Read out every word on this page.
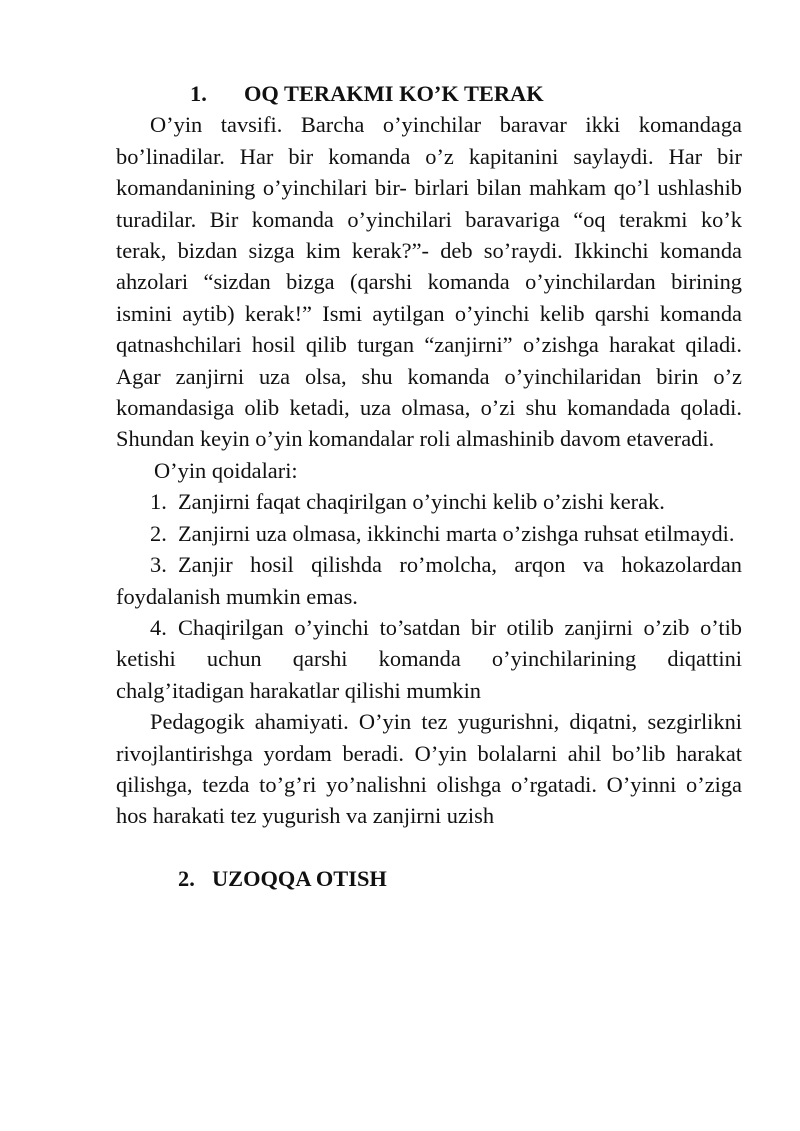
1. OQ TERAKMI KO’K TERAK

O’yin tavsifi. Barcha o’yinchilar baravar ikki komandaga bo’linadilar. Har bir komanda o’z kapitanini saylaydi. Har bir komandanining o’yinchilari bir- birlari bilan mahkam qo’l ushlashib turadilar. Bir komanda o’yinchilari baravariga “oq terakmi ko’k terak, bizdan sizga kim kerak?”- deb so’raydi. Ikkinchi komanda ahzolari “sizdan bizga (qarshi komanda o’yinchilardan birining ismini aytib) kerak!” Ismi aytilgan o’yinchi kelib qarshi komanda qatnashchilari hosil qilib turgan “zanjirni” o’zishga harakat qiladi. Agar zanjirni uza olsa, shu komanda o’yinchilaridan birin o’z komandasiga olib ketadi, uza olmasa, o’zi shu komandada qoladi. Shundan keyin o’yin komandalar roli almashinib davom etaveradi.

O’yin qoidalari:

1. Zanjirni faqat chaqirilgan o’yinchi kelib o’zishi kerak.

2. Zanjirni uza olmasa, ikkinchi marta o’zishga ruhsat etilmaydi.

3. Zanjir hosil qilishda ro’molcha, arqon va hokazolardan foydalanish mumkin emas.

4. Chaqirilgan o’yinchi to’satdan bir otilib zanjirni o’zib o’tib ketishi uchun qarshi komanda o’yinchilarining diqattini chalg’itadigan harakatlar qilishi mumkin

Pedagogik ahamiyati. O’yin tez yugurishni, diqatni, sezgirlikni rivojlantirishga yordam beradi. O’yin bolalarni ahil bo’lib harakat qilishga, tezda to’g’ri yo’nalishni olishga o’rgatadi. O’yinni o’ziga hos harakati tez yugurish va zanjirni uzish

2. UZOQQA OTISH
